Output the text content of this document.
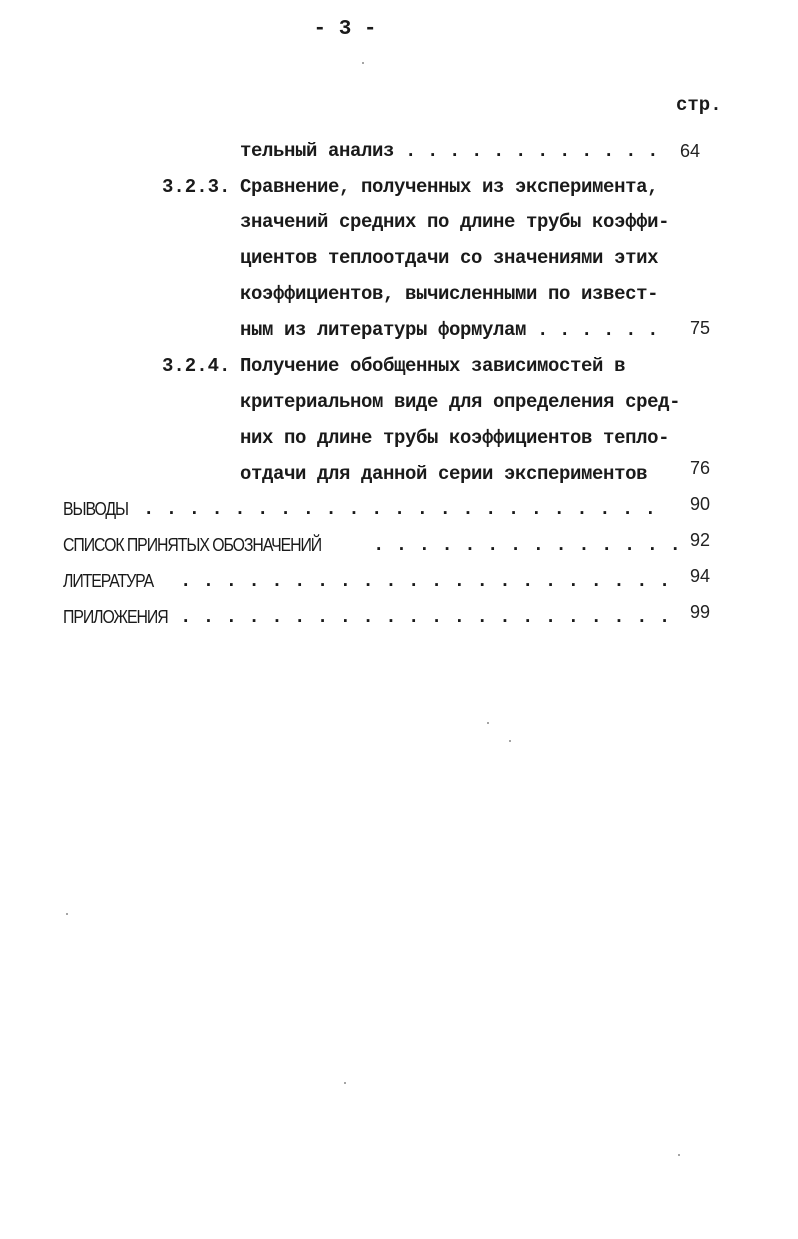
- 3 -
стр.
тельный анализ . . . . . . . . . . . . 64
3.2.3. Сравнение, полученных из эксперимента,
значений средних по длине трубы коэффи-
циентов теплоотдачи со значениями этих
коэффициентов, вычисленными по извест-
ным из литературы формулам . . . . . . 75
3.2.4. Получение обобщенных зависимостей в
критериальном виде для определения сред-
них по длине трубы коэффициентов тепло-
отдачи для данной серии экспериментов 76
ВЫВОДЫ . . . . . . . . . . . . . . . . . . . . . . . 90
СПИСОК ПРИНЯТЫХ ОБОЗНАЧЕНИЙ	. . . . . . . . . . . . . . 92
ЛИТЕРАТУРА . . . . . . . . . . . . . . . . . . . . . . 94
ПРИЛОЖЕНИЯ . . . . . . . . . . . . . . . . . . . . . . 99
